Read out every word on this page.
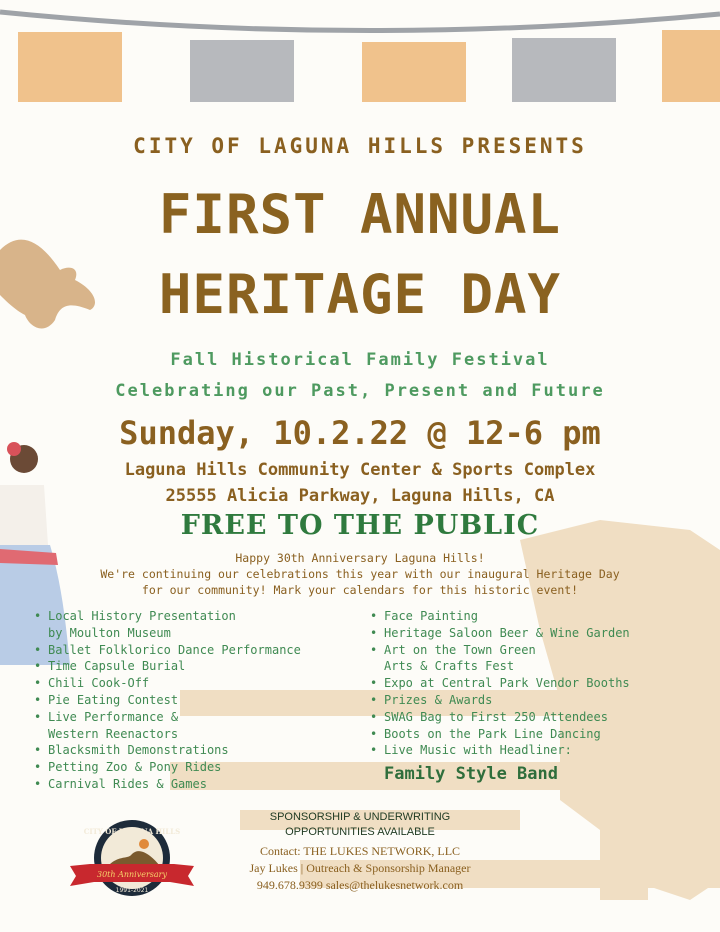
CITY OF LAGUNA HILLS PRESENTS
FIRST ANNUAL
HERITAGE DAY
Fall Historical Family Festival
Celebrating our Past, Present and Future
Sunday, 10.2.22 @ 12-6 pm
Laguna Hills Community Center & Sports Complex
25555 Alicia Parkway, Laguna Hills, CA
FREE TO THE PUBLIC
Happy 30th Anniversary Laguna Hills!
We're continuing our celebrations this year with our inaugural Heritage Day
for our community! Mark your calendars for this historic event!
• Local History Presentation
by Moulton Museum
• Ballet Folklorico Dance Performance
• Time Capsule Burial
• Chili Cook-Off
• Pie Eating Contest
• Live Performance &
Western Reenactors
• Blacksmith Demonstrations
• Petting Zoo & Pony Rides
• Carnival Rides & Games
• Face Painting
• Heritage Saloon Beer & Wine Garden
• Art on the Town Green
Arts & Crafts Fest
• Expo at Central Park Vendor Booths
• Prizes & Awards
• SWAG Bag to First 250 Attendees
• Boots on the Park Line Dancing
• Live Music with Headliner:
Family Style Band
SPONSORSHIP & UNDERWRITING
OPPORTUNITIES AVAILABLE
Contact: THE LUKES NETWORK, LLC
Jay Lukes | Outreach & Sponsorship Manager
949.678.9399 sales@thelukesnetwork.com
CITY OF LAGUNA HILLS
30th Anniversary
1991-2021
